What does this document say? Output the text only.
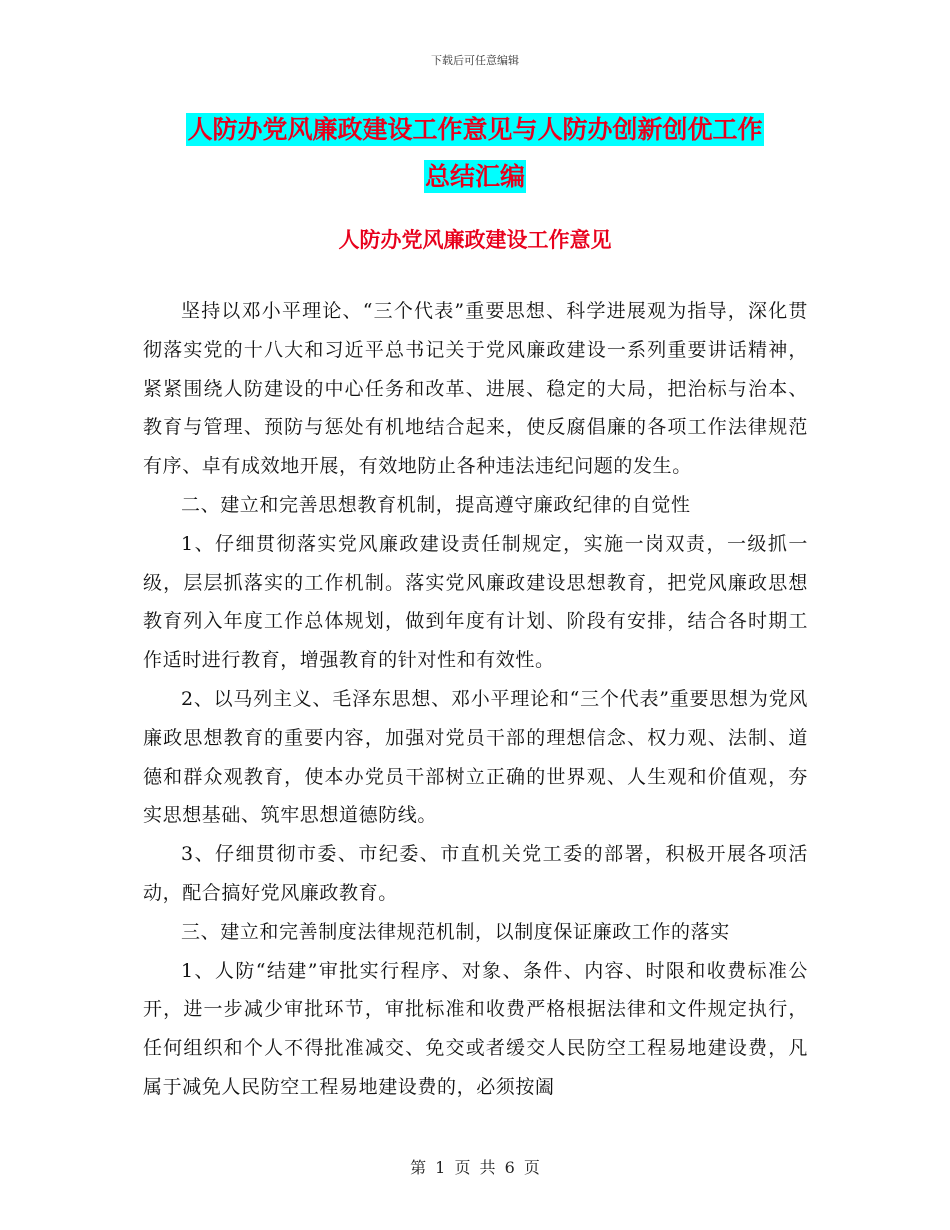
下载后可任意编辑
人防办党风廉政建设工作意见与人防办创新创优工作
总结汇编
人防办党风廉政建设工作意见

坚持以邓小平理论、“三个代表”重要思想、科学进展观为指导，深化贯彻落实党的十八大和习近平总书记关于党风廉政建设一系列重要讲话精神，紧紧围绕人防建设的中心任务和改革、进展、稳定的大局，把治标与治本、教育与管理、预防与惩处有机地结合起来，使反腐倡廉的各项工作法律规范有序、卓有成效地开展，有效地防止各种违法违纪问题的发生。

二、建立和完善思想教育机制，提高遵守廉政纪律的自觉性

1、仔细贯彻落实党风廉政建设责任制规定，实施一岗双责，一级抓一级，层层抓落实的工作机制。落实党风廉政建设思想教育，把党风廉政思想教育列入年度工作总体规划，做到年度有计划、阶段有安排，结合各时期工作适时进行教育，增强教育的针对性和有效性。

2、以马列主义、毛泽东思想、邓小平理论和“三个代表”重要思想为党风廉政思想教育的重要内容，加强对党员干部的理想信念、权力观、法制、道德和群众观教育，使本办党员干部树立正确的世界观、人生观和价值观，夯实思想基础、筑牢思想道德防线。

3、仔细贯彻市委、市纪委、市直机关党工委的部署，积极开展各项活动，配合搞好党风廉政教育。

三、建立和完善制度法律规范机制，以制度保证廉政工作的落实

1、人防“结建”审批实行程序、对象、条件、内容、时限和收费标准公开，进一步减少审批环节，审批标准和收费严格根据法律和文件规定执行，任何组织和个人不得批准减交、免交或者缓交人民防空工程易地建设费，凡属于减免人民防空工程易地建设费的，必须按阖

第 1 页 共 6 页
